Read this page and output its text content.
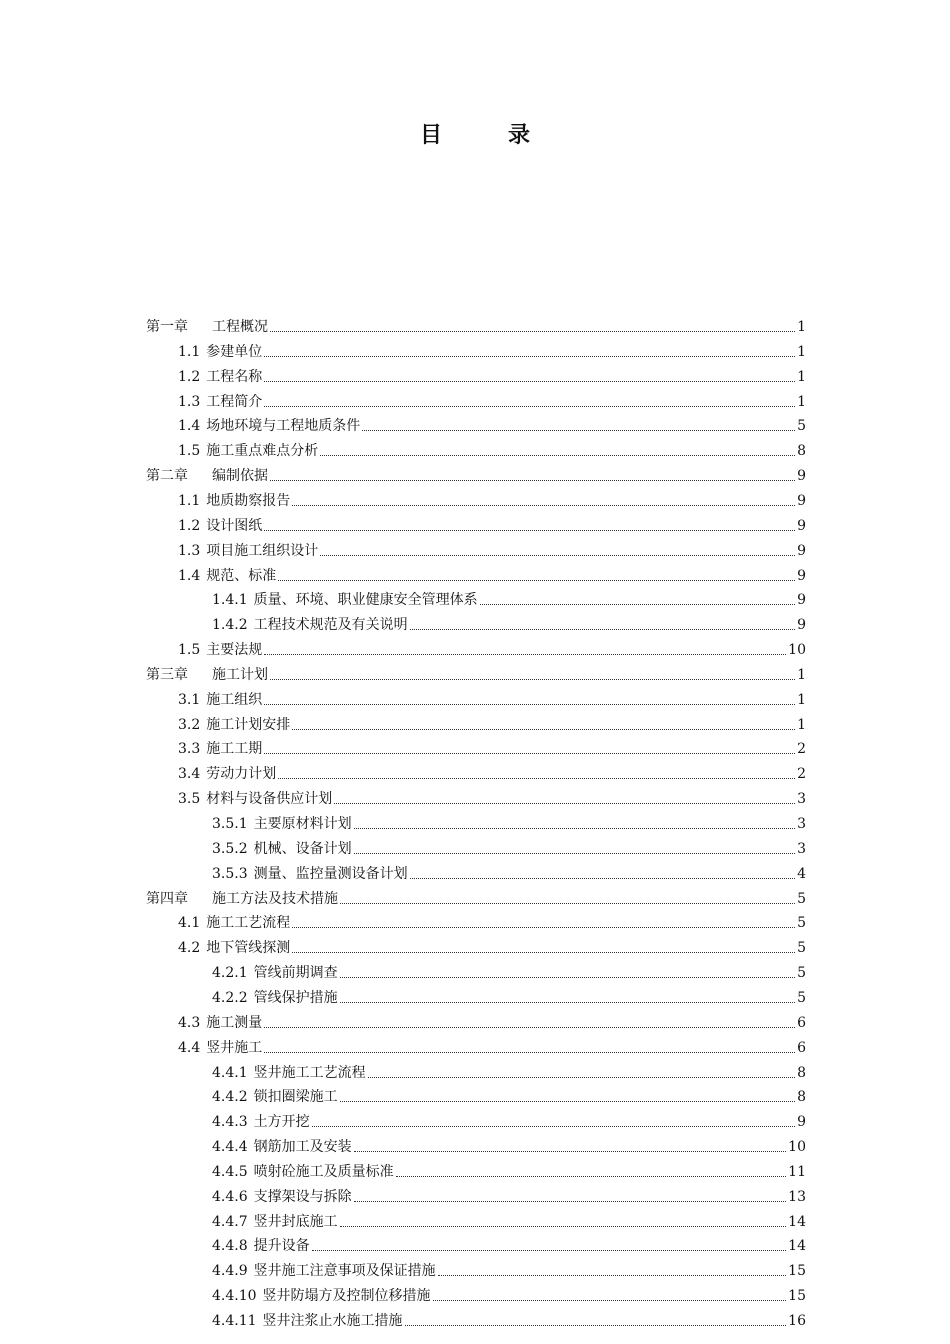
目　录
第一章 工程概况	1
1.1 参建单位	1
1.2 工程名称	1
1.3 工程简介	1
1.4 场地环境与工程地质条件	5
1.5 施工重点难点分析	8
第二章 编制依据	9
1.1 地质勘察报告	9
1.2 设计图纸	9
1.3 项目施工组织设计	9
1.4 规范、标准	9
1.4.1 质量、环境、职业健康安全管理体系	9
1.4.2 工程技术规范及有关说明	9
1.5 主要法规	10
第三章 施工计划	1
3.1 施工组织	1
3.2 施工计划安排	1
3.3 施工工期	2
3.4 劳动力计划	2
3.5 材料与设备供应计划	3
3.5.1 主要原材料计划	3
3.5.2 机械、设备计划	3
3.5.3 测量、监控量测设备计划	4
第四章 施工方法及技术措施	5
4.1 施工工艺流程	5
4.2 地下管线探测	5
4.2.1 管线前期调查	5
4.2.2 管线保护措施	5
4.3 施工测量	6
4.4 竖井施工	6
4.4.1 竖井施工工艺流程	8
4.4.2 锁扣圈梁施工	8
4.4.3 土方开挖	9
4.4.4 钢筋加工及安装	10
4.4.5 喷射砼施工及质量标准	11
4.4.6 支撑架设与拆除	13
4.4.7 竖井封底施工	14
4.4.8 提升设备	14
4.4.9 竖井施工注意事项及保证措施	15
4.4.10 竖井防塌方及控制位移措施	15
4.4.11 竖井注浆止水施工措施	16
